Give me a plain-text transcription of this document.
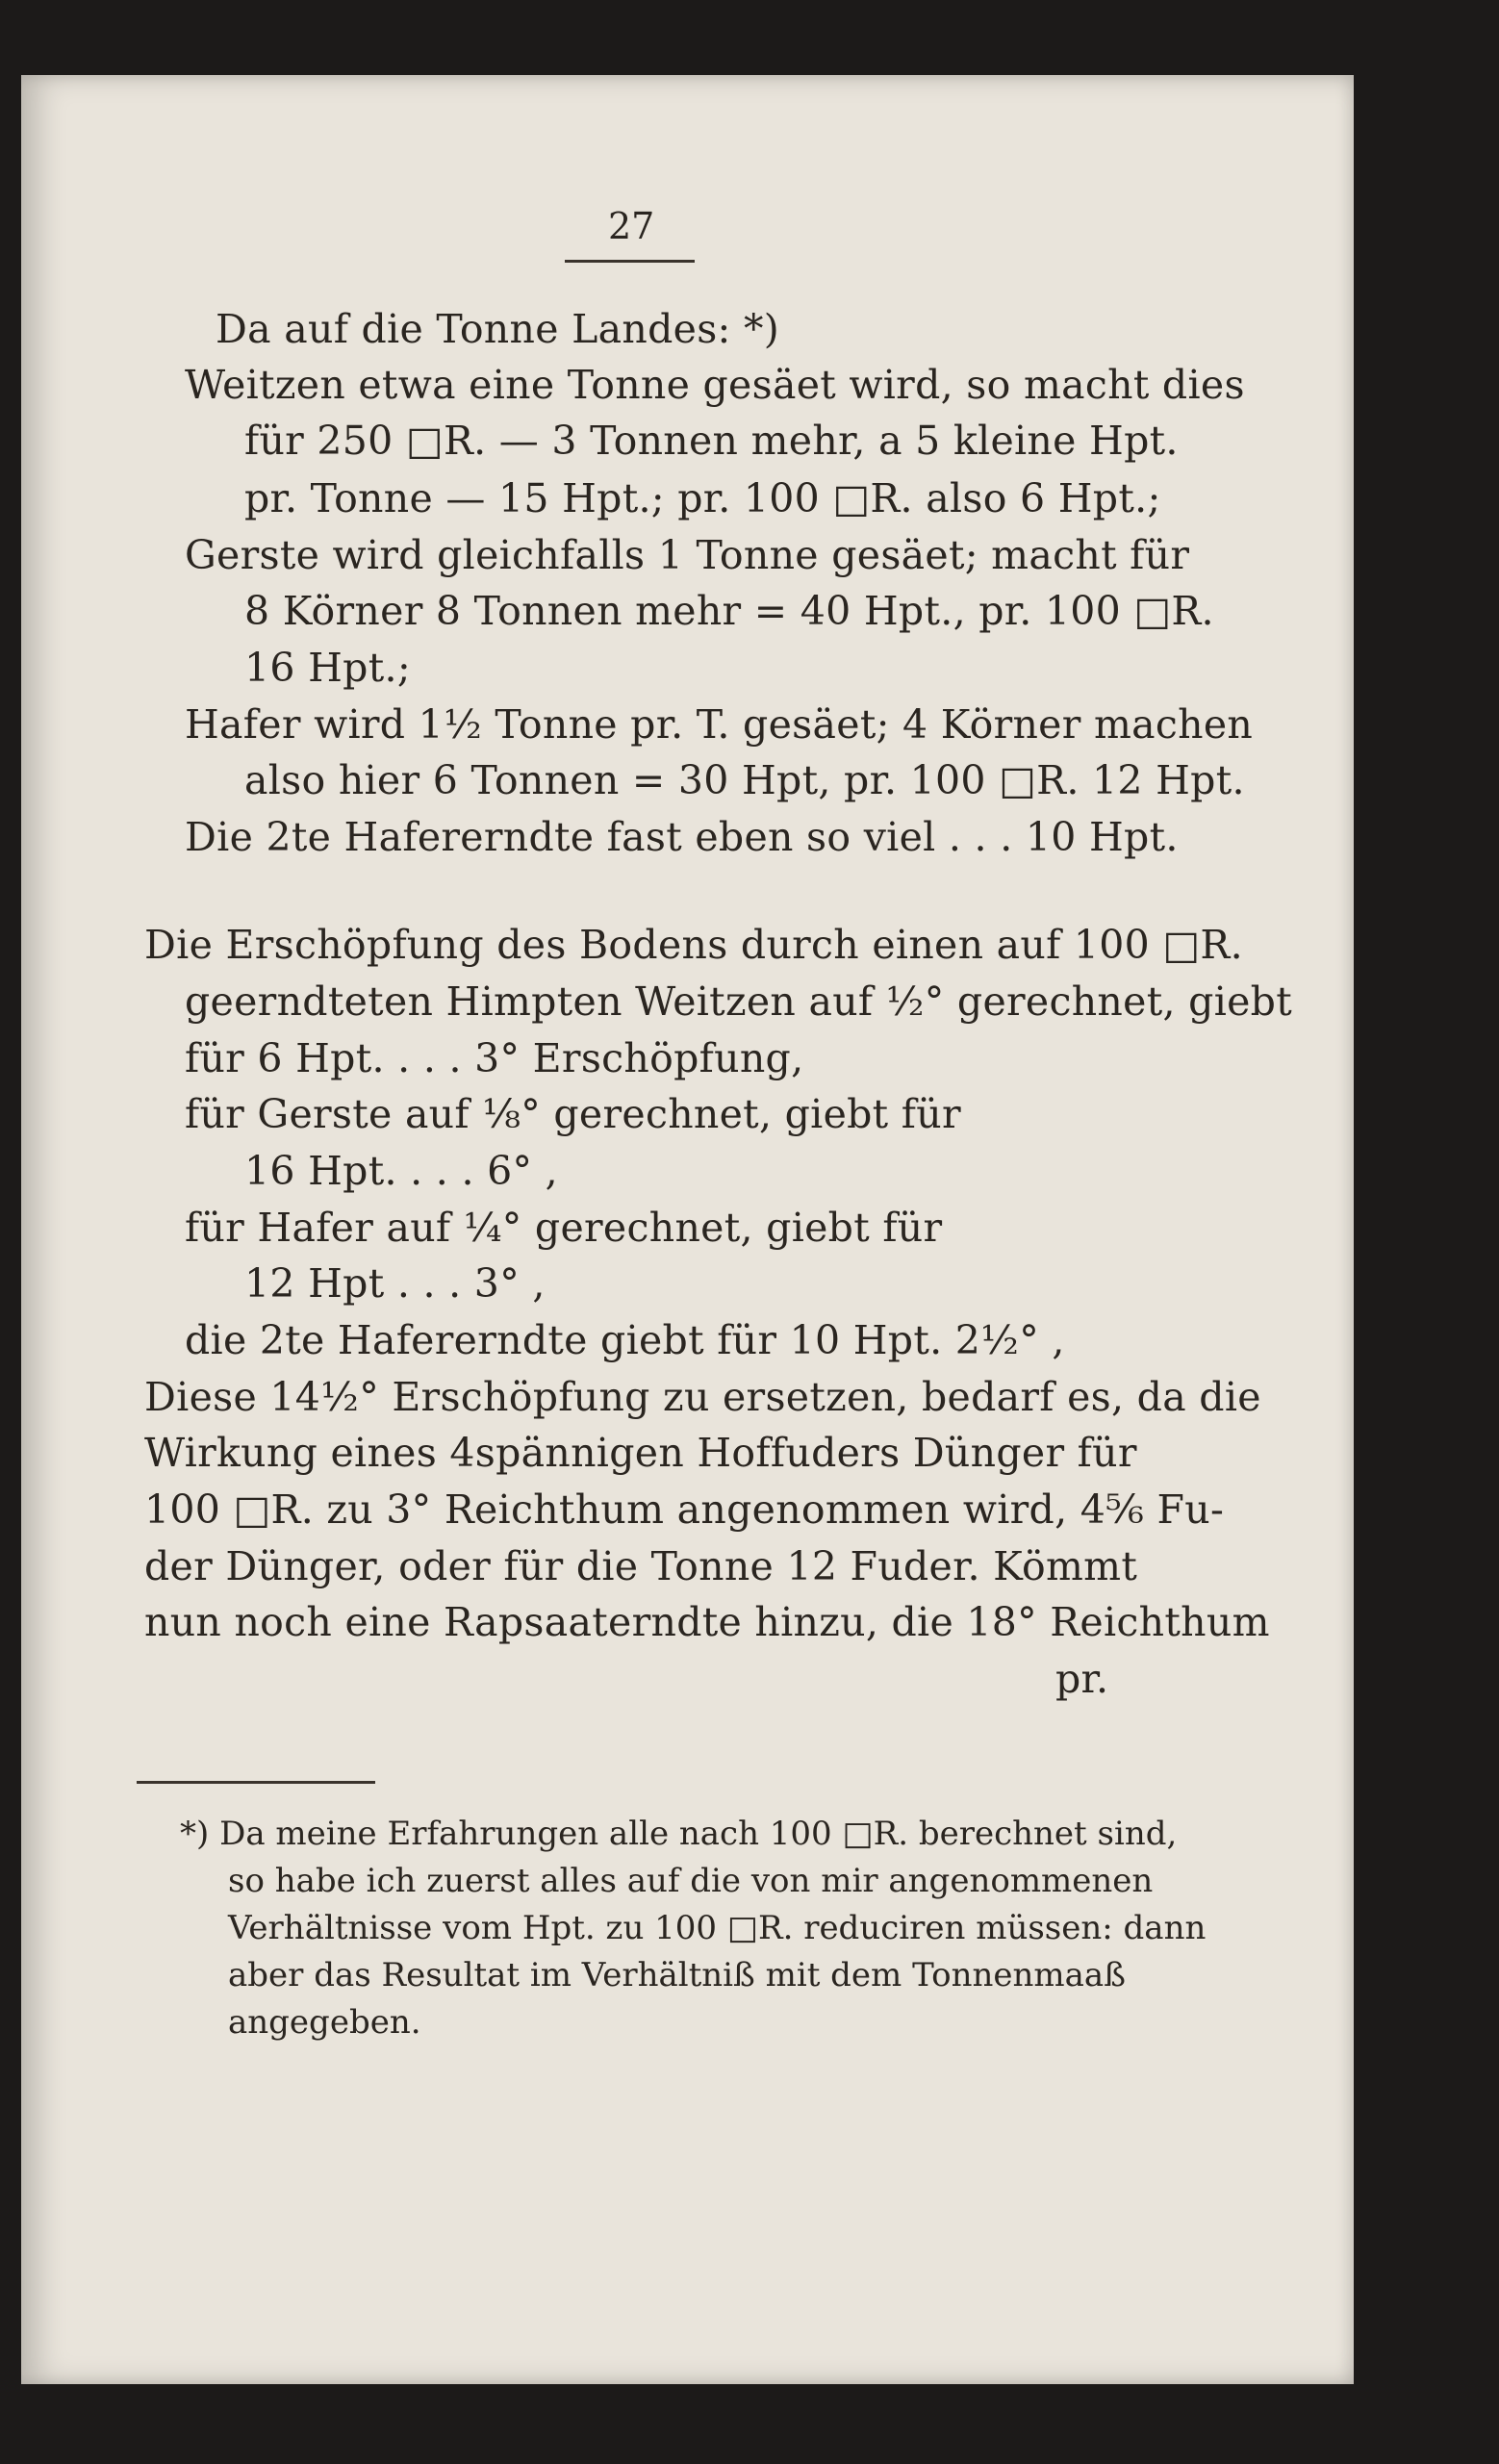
27
Da auf die Tonne Landes: *)
Weitzen etwa eine Tonne gesäet wird, so macht dies
für 250 □R. — 3 Tonnen mehr, a 5 kleine Hpt.
pr. Tonne — 15 Hpt.; pr. 100 □R. also 6 Hpt.;
Gerste wird gleichfalls 1 Tonne gesäet; macht für
8 Körner 8 Tonnen mehr = 40 Hpt., pr. 100 □R.
16 Hpt.;
Hafer wird 1½ Tonne pr. T. gesäet; 4 Körner machen
also hier 6 Tonnen = 30 Hpt, pr. 100 □R. 12 Hpt.
Die 2te Hafererndte fast eben so viel . . . 10 Hpt.
Die Erschöpfung des Bodens durch einen auf 100 □R.
geerndteten Himpten Weitzen auf ½° gerechnet, giebt
für 6 Hpt. . . . 3° Erschöpfung,
für Gerste auf ⅛° gerechnet, giebt für
16 Hpt. . . . 6° ,
für Hafer auf ¼° gerechnet, giebt für
12 Hpt . . . 3° ,
die 2te Hafererndte giebt für 10 Hpt. 2½° ,
Diese 14½° Erschöpfung zu ersetzen, bedarf es, da die
Wirkung eines 4spännigen Hoffuders Dünger für
100 □R. zu 3° Reichthum angenommen wird, 4⅚ Fu-
der Dünger, oder für die Tonne 12 Fuder. Kömmt
nun noch eine Rapsaaterndte hinzu, die 18° Reichthum
pr.
*) Da meine Erfahrungen alle nach 100 □R. berechnet sind,
so habe ich zuerst alles auf die von mir angenommenen
Verhältnisse vom Hpt. zu 100 □R. reduciren müssen: dann
aber das Resultat im Verhältniß mit dem Tonnenmaaß
angegeben.
